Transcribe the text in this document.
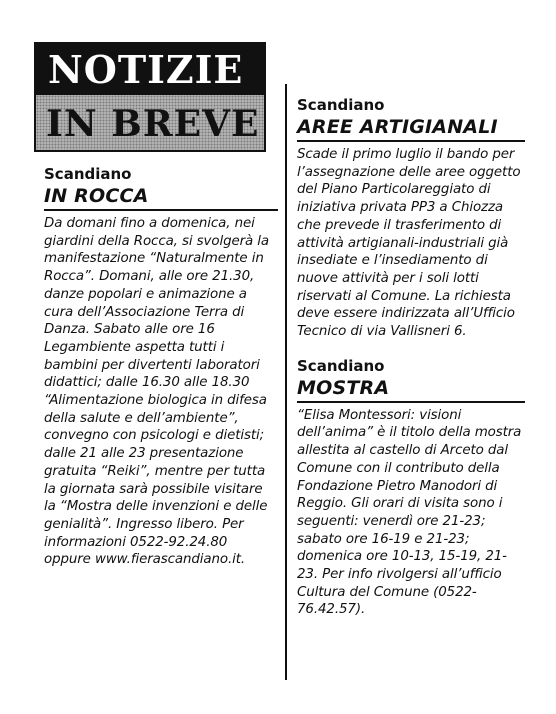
NOTIZIE
IN BREVE

Scandiano

IN ROCCA

Da domani fino a domenica, nei giardini della Rocca, si svolgerà la manifestazione “Naturalmente in Rocca”. Domani, alle ore 21.30, danze popolari e animazione a cura dell’Associazione Terra di Danza. Sabato alle ore 16 Legambiente aspetta tutti i bambini per divertenti laboratori didattici; dalle 16.30 alle 18.30 “Alimentazione biologica in difesa della salute e dell’ambiente”, convegno con psicologi e dietisti; dalle 21 alle 23 presentazione gratuita “Reiki”, mentre per tutta la giornata sarà possibile visitare la “Mostra delle invenzioni e delle genialità”. Ingresso libero. Per informazioni 0522-92.24.80 oppure www.fierascandiano.it.

Scandiano

AREE ARTIGIANALI

Scade il primo luglio il bando per l’assegnazione delle aree oggetto del Piano Particolareggiato di iniziativa privata PP3 a Chiozza che prevede il trasferimento di attività artigianali-industriali già insediate e l’insediamento di nuove attività per i soli lotti riservati al Comune. La richiesta deve essere indirizzata all’Ufficio Tecnico di via Vallisneri 6.

Scandiano

MOSTRA

“Elisa Montessori: visioni dell’anima” è il titolo della mostra allestita al castello di Arceto dal Comune con il contributo della Fondazione Pietro Manodori di Reggio. Gli orari di visita sono i seguenti: venerdì ore 21-23; sabato ore 16-19 e 21-23; domenica ore 10-13, 15-19, 21-23. Per info rivolgersi all’ufficio Cultura del Comune (0522-76.42.57).
